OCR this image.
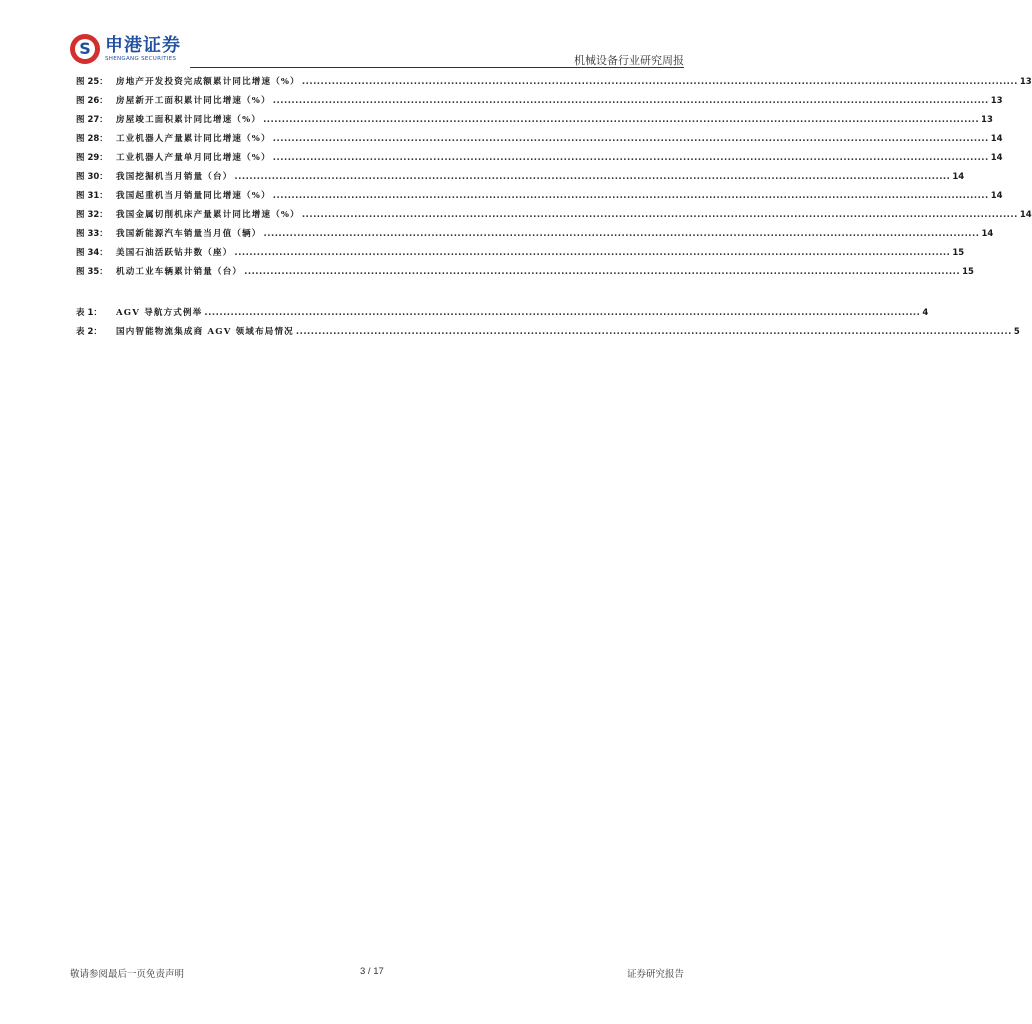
S 申港证券
SHENGANG SECURITIES	机械设备行业研究周报
图 25： 房地产开发投资完成额累计同比增速（%） ................................................................................................................................................................................................ 13
图 26： 房屋新开工面积累计同比增速（%） ................................................................................................................................................................................................ 13
图 27： 房屋竣工面积累计同比增速（%） ................................................................................................................................................................................................ 13
图 28： 工业机器人产量累计同比增速（%） ................................................................................................................................................................................................ 14
图 29： 工业机器人产量单月同比增速（%） ................................................................................................................................................................................................ 14
图 30： 我国挖掘机当月销量（台） ................................................................................................................................................................................................ 14
图 31： 我国起重机当月销量同比增速（%） ................................................................................................................................................................................................ 14
图 32： 我国金属切削机床产量累计同比增速（%） ................................................................................................................................................................................................ 14
图 33： 我国新能源汽车销量当月值（辆） ................................................................................................................................................................................................ 14
图 34： 美国石油活跃钻井数（座） ................................................................................................................................................................................................ 15
图 35： 机动工业车辆累计销量（台） ................................................................................................................................................................................................ 15
表 1：	AGV 导航方式例举 ................................................................................................................................................................................................ 4
表 2：	国内智能物流集成商 AGV 领域布局情况 ................................................................................................................................................................................................ 5
敬请参阅最后一页免责声明	3 / 17	证券研究报告
